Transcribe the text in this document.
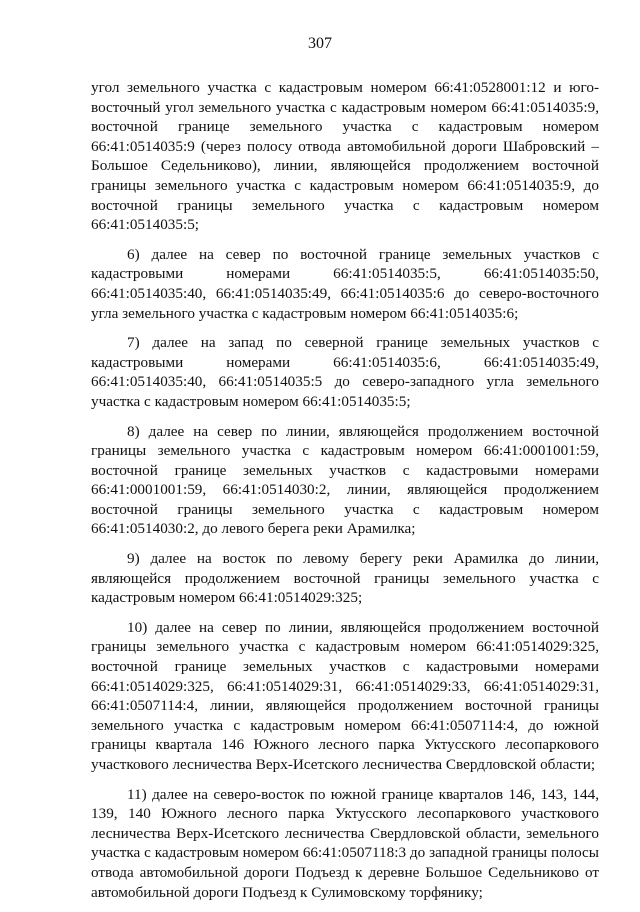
307

угол земельного участка с кадастровым номером 66:41:0528001:12 и юго-восточный угол земельного участка с кадастровым номером 66:41:0514035:9, восточной границе земельного участка с кадастровым номером 66:41:0514035:9 (через полосу отвода автомобильной дороги Шабровский – Большое Седельниково), линии, являющейся продолжением восточной границы земельного участка с кадастровым номером 66:41:0514035:9, до восточной границы земельного участка с кадастровым номером 66:41:0514035:5;

6) далее на север по восточной границе земельных участков с кадастровыми номерами 66:41:0514035:5, 66:41:0514035:50, 66:41:0514035:40, 66:41:0514035:49, 66:41:0514035:6 до северо-восточного угла земельного участка с кадастровым номером 66:41:0514035:6;

7) далее на запад по северной границе земельных участков с кадастровыми номерами 66:41:0514035:6, 66:41:0514035:49, 66:41:0514035:40, 66:41:0514035:5 до северо-западного угла земельного участка с кадастровым номером 66:41:0514035:5;

8) далее на север по линии, являющейся продолжением восточной границы земельного участка с кадастровым номером 66:41:0001001:59, восточной границе земельных участков с кадастровыми номерами 66:41:0001001:59, 66:41:0514030:2, линии, являющейся продолжением восточной границы земельного участка с кадастровым номером 66:41:0514030:2, до левого берега реки Арамилка;

9) далее на восток по левому берегу реки Арамилка до линии, являющейся продолжением восточной границы земельного участка с кадастровым номером 66:41:0514029:325;

10) далее на север по линии, являющейся продолжением восточной границы земельного участка с кадастровым номером 66:41:0514029:325, восточной границе земельных участков с кадастровыми номерами 66:41:0514029:325, 66:41:0514029:31, 66:41:0514029:33, 66:41:0514029:31, 66:41:0507114:4, линии, являющейся продолжением восточной границы земельного участка с кадастровым номером 66:41:0507114:4, до южной границы квартала 146 Южного лесного парка Уктусского лесопаркового участкового лесничества Верх-Исетского лесничества Свердловской области;

11) далее на северо-восток по южной границе кварталов 146, 143, 144, 139, 140 Южного лесного парка Уктусского лесопаркового участкового лесничества Верх-Исетского лесничества Свердловской области, земельного участка с кадастровым номером 66:41:0507118:3 до западной границы полосы отвода автомобильной дороги Подъезд к деревне Большое Седельниково от автомобильной дороги Подъезд к Сулимовскому торфянику;
